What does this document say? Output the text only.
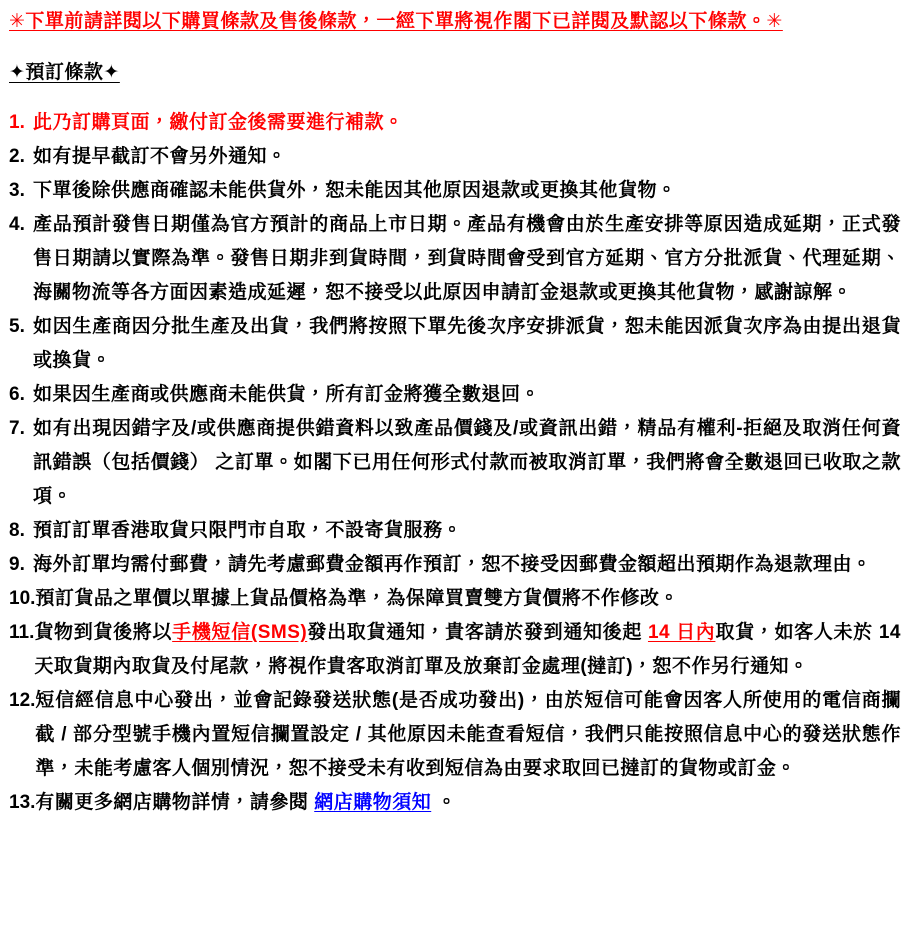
✳下單前請詳閱以下購買條款及售後條款，一經下單將視作閣下已詳閱及默認以下條款。✳
✦預訂條款✦
1. 此乃訂購頁面，繳付訂金後需要進行補款。
2. 如有提早截訂不會另外通知。
3. 下單後除供應商確認未能供貨外，恕未能因其他原因退款或更換其他貨物。
4. 產品預計發售日期僅為官方預計的商品上市日期。產品有機會由於生產安排等原因造成延期，正式發售日期請以實際為準。發售日期非到貨時間，到貨時間會受到官方延期、官方分批派貨、代理延期、海關物流等各方面因素造成延遲，恕不接受以此原因申請訂金退款或更換其他貨物，感謝諒解。
5. 如因生產商因分批生產及出貨，我們將按照下單先後次序安排派貨，恕未能因派貨次序為由提出退貨或換貨。
6. 如果因生產商或供應商未能供貨，所有訂金將獲全數退回。
7. 如有出現因錯字及/或供應商提供錯資料以致產品價錢及/或資訊出錯，精品有權利-拒絕及取消任何資訊錯誤（包括價錢） 之訂單。如閣下已用任何形式付款而被取消訂單，我們將會全數退回已收取之款項。
8. 預訂訂單香港取貨只限門市自取，不設寄貨服務。
9. 海外訂單均需付郵費，請先考慮郵費金額再作預訂，恕不接受因郵費金額超出預期作為退款理由。
10. 預訂貨品之單價以單據上貨品價格為準，為保障買賣雙方貨價將不作修改。
11. 貨物到貨後將以手機短信(SMS)發出取貨通知，貴客請於發到通知後起 14 日內取貨，如客人未於 14 天取貨期內取貨及付尾款，將視作貴客取消訂單及放棄訂金處理(撻訂)，恕不作另行通知。
12. 短信經信息中心發出，並會記錄發送狀態(是否成功發出)，由於短信可能會因客人所使用的電信商攔截 / 部分型號手機內置短信攔置設定 / 其他原因未能查看短信，我們只能按照信息中心的發送狀態作準，未能考慮客人個別情況，恕不接受未有收到短信為由要求取回已撻訂的貨物或訂金。
13. 有關更多網店購物詳情，請參閱 網店購物須知 。
